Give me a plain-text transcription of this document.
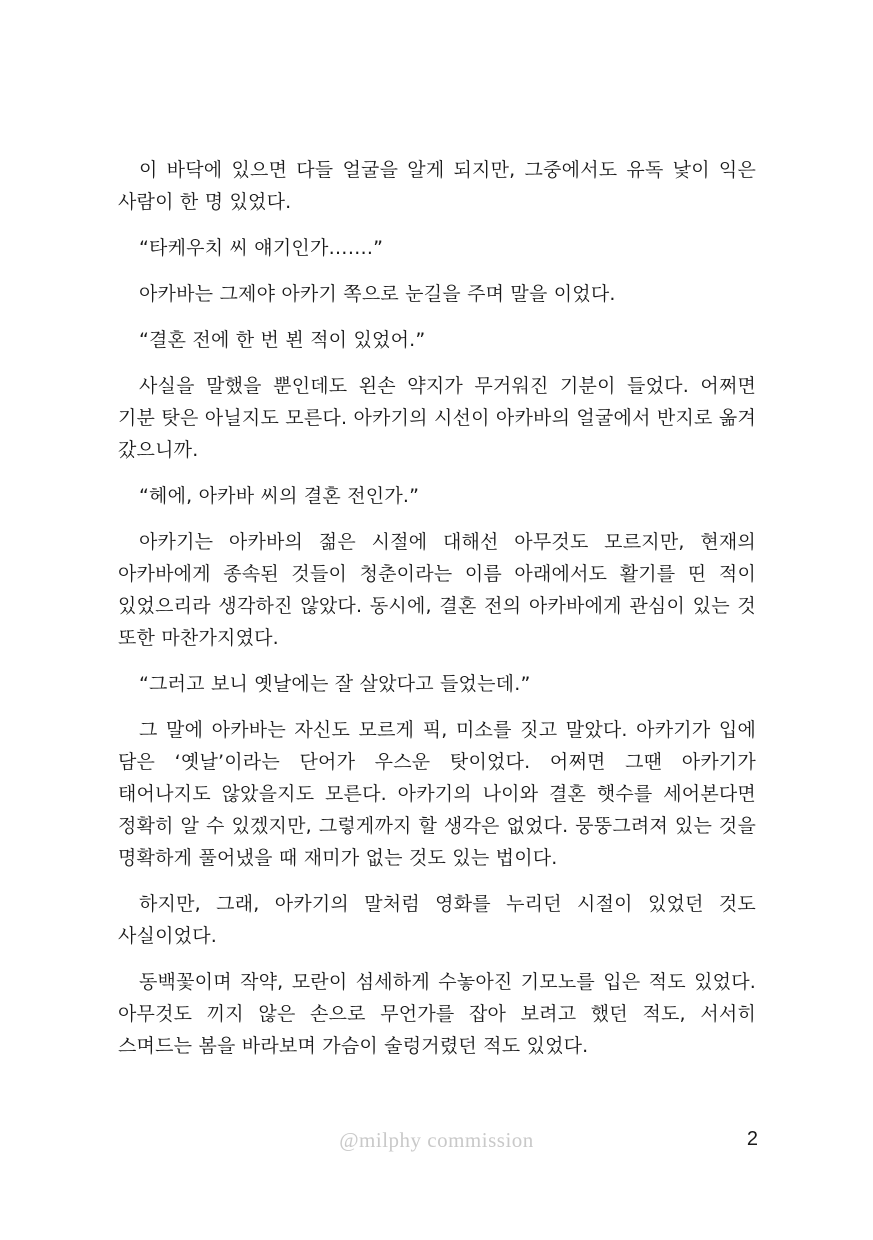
이 바닥에 있으면 다들 얼굴을 알게 되지만, 그중에서도 유독 낯이 익은 사람이 한 명 있었다.

“타케우치 씨 얘기인가…….”

아카바는 그제야 아카기 쪽으로 눈길을 주며 말을 이었다.

“결혼 전에 한 번 뵌 적이 있었어.”

사실을 말했을 뿐인데도 왼손 약지가 무거워진 기분이 들었다. 어쩌면 기분 탓은 아닐지도 모른다. 아카기의 시선이 아카바의 얼굴에서 반지로 옮겨 갔으니까.

“헤에, 아카바 씨의 결혼 전인가.”

아카기는 아카바의 젊은 시절에 대해선 아무것도 모르지만, 현재의 아카바에게 종속된 것들이 청춘이라는 이름 아래에서도 활기를 띤 적이 있었으리라 생각하진 않았다. 동시에, 결혼 전의 아카바에게 관심이 있는 것 또한 마찬가지였다.

“그러고 보니 옛날에는 잘 살았다고 들었는데.”

그 말에 아카바는 자신도 모르게 픽, 미소를 짓고 말았다. 아카기가 입에 담은 ‘옛날’이라는 단어가 우스운 탓이었다. 어쩌면 그땐 아카기가 태어나지도 않았을지도 모른다. 아카기의 나이와 결혼 햇수를 세어본다면 정확히 알 수 있겠지만, 그렇게까지 할 생각은 없었다. 뭉뚱그려져 있는 것을 명확하게 풀어냈을 때 재미가 없는 것도 있는 법이다.

하지만, 그래, 아카기의 말처럼 영화를 누리던 시절이 있었던 것도 사실이었다.

동백꽃이며 작약, 모란이 섬세하게 수놓아진 기모노를 입은 적도 있었다. 아무것도 끼지 않은 손으로 무언가를 잡아 보려고 했던 적도, 서서히 스며드는 봄을 바라보며 가슴이 술렁거렸던 적도 있었다.

@milphy commission	2
